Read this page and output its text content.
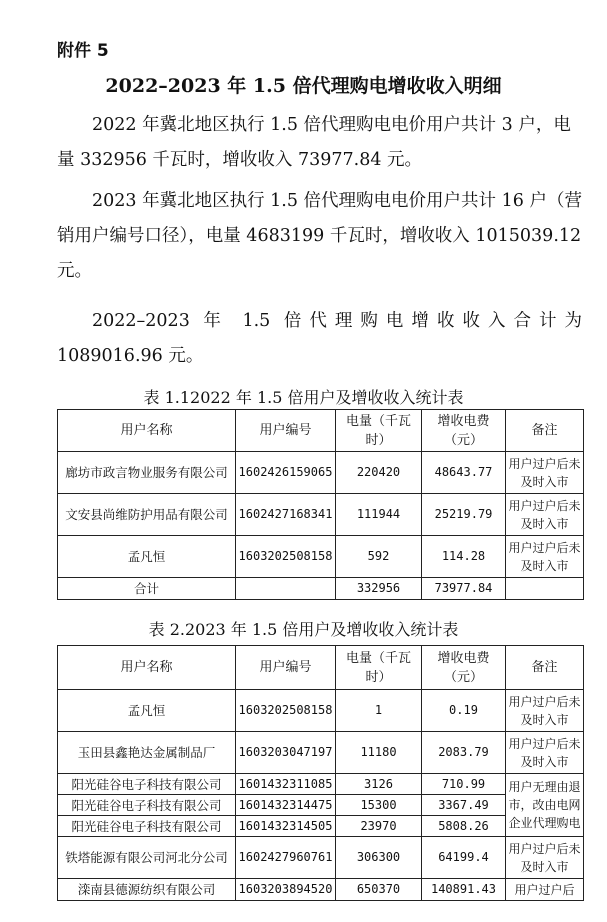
附件 5
2022–2023 年 1.5 倍代理购电增收收入明细
2022 年冀北地区执行 1.5 倍代理购电电价用户共计 3 户，电量 332956 千瓦时，增收收入 73977.84 元。
2023 年冀北地区执行 1.5 倍代理购电电价用户共计 16 户（营销用户编号口径），电量 4683199 千瓦时，增收收入 1015039.12 元。
2022–2023 年 1.5 倍代理购电增收收入合计为
1089016.96 元。
表 1.12022 年 1.5 倍用户及增收收入统计表
用户名称	用户编号	电量（千瓦时）	增收电费（元）	备注
廊坊市政言物业服务有限公司	1602426159065	220420	48643.77	用户过户后未及时入市
文安县尚维防护用品有限公司	1602427168341	111944	25219.79	用户过户后未及时入市
孟凡恒	1603202508158	592	114.28	用户过户后未及时入市
合计		332956	73977.84	
表 2.2023 年 1.5 倍用户及增收收入统计表
用户名称	用户编号	电量（千瓦时）	增收电费（元）	备注
孟凡恒	1603202508158	1	0.19	用户过户后未及时入市
玉田县鑫艳达金属制品厂	1603203047197	11180	2083.79	用户过户后未及时入市
阳光硅谷电子科技有限公司	1601432311085	3126	710.99	用户无理由退市，改由电网企业代理购电
阳光硅谷电子科技有限公司	1601432314475	15300	3367.49	
阳光硅谷电子科技有限公司	1601432314505	23970	5808.26	
铁塔能源有限公司河北分公司	1602427960761	306300	64199.4	用户过户后未及时入市
滦南县德源纺织有限公司	1603203894520	650370	140891.43	用户过户后
